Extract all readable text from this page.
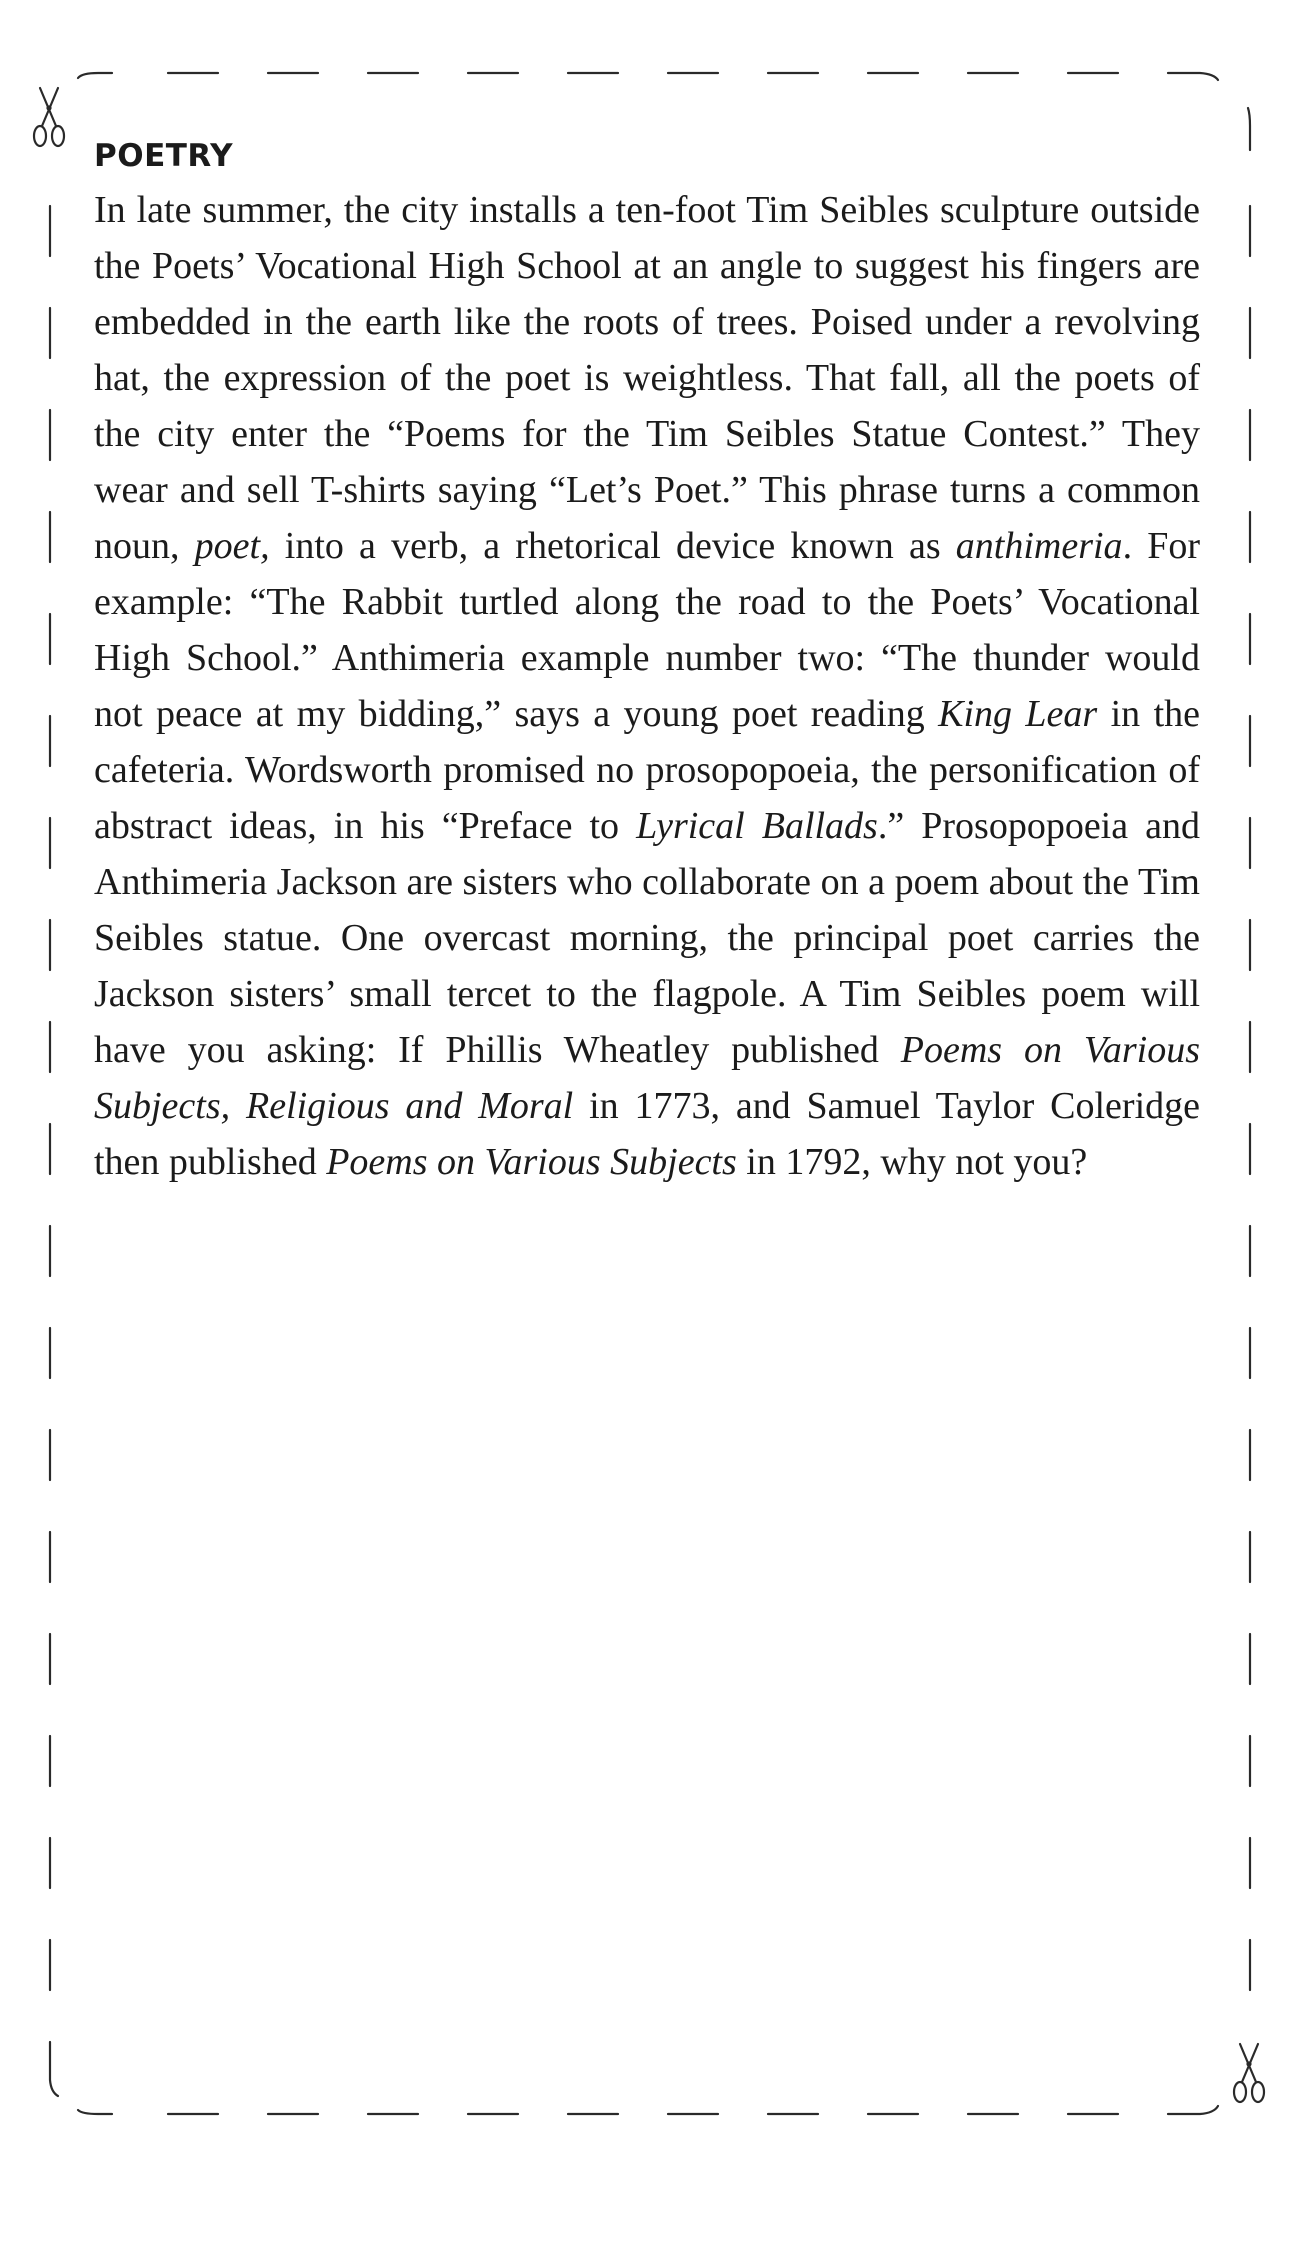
POETRY

In late summer, the city installs a ten-foot Tim Seibles sculpture outside the Poets’ Vocational High School at an angle to suggest his fingers are embedded in the earth like the roots of trees. Poised under a revolving hat, the expression of the poet is weightless. That fall, all the poets of the city enter the “Poems for the Tim Seibles Statue Contest.” They wear and sell T-shirts saying “Let’s Poet.” This phrase turns a common noun, poet, into a verb, a rhetorical device known as anthimeria. For example: “The Rabbit turtled along the road to the Poets’ Vocational High School.” Anthimeria example number two: “The thunder would not peace at my bidding,” says a young poet reading King Lear in the cafeteria. Wordsworth promised no prosopopoeia, the personification of abstract ideas, in his “Preface to Lyrical Ballads.” Prosopopoeia and Anthimeria Jackson are sisters who collaborate on a poem about the Tim Seibles statue. One overcast morning, the principal poet carries the Jackson sisters’ small tercet to the flagpole. A Tim Seibles poem will have you asking: If Phillis Wheatley published Poems on Various Subjects, Religious and Moral in 1773, and Samuel Taylor Coleridge then published Poems on Various Subjects in 1792, why not you?
